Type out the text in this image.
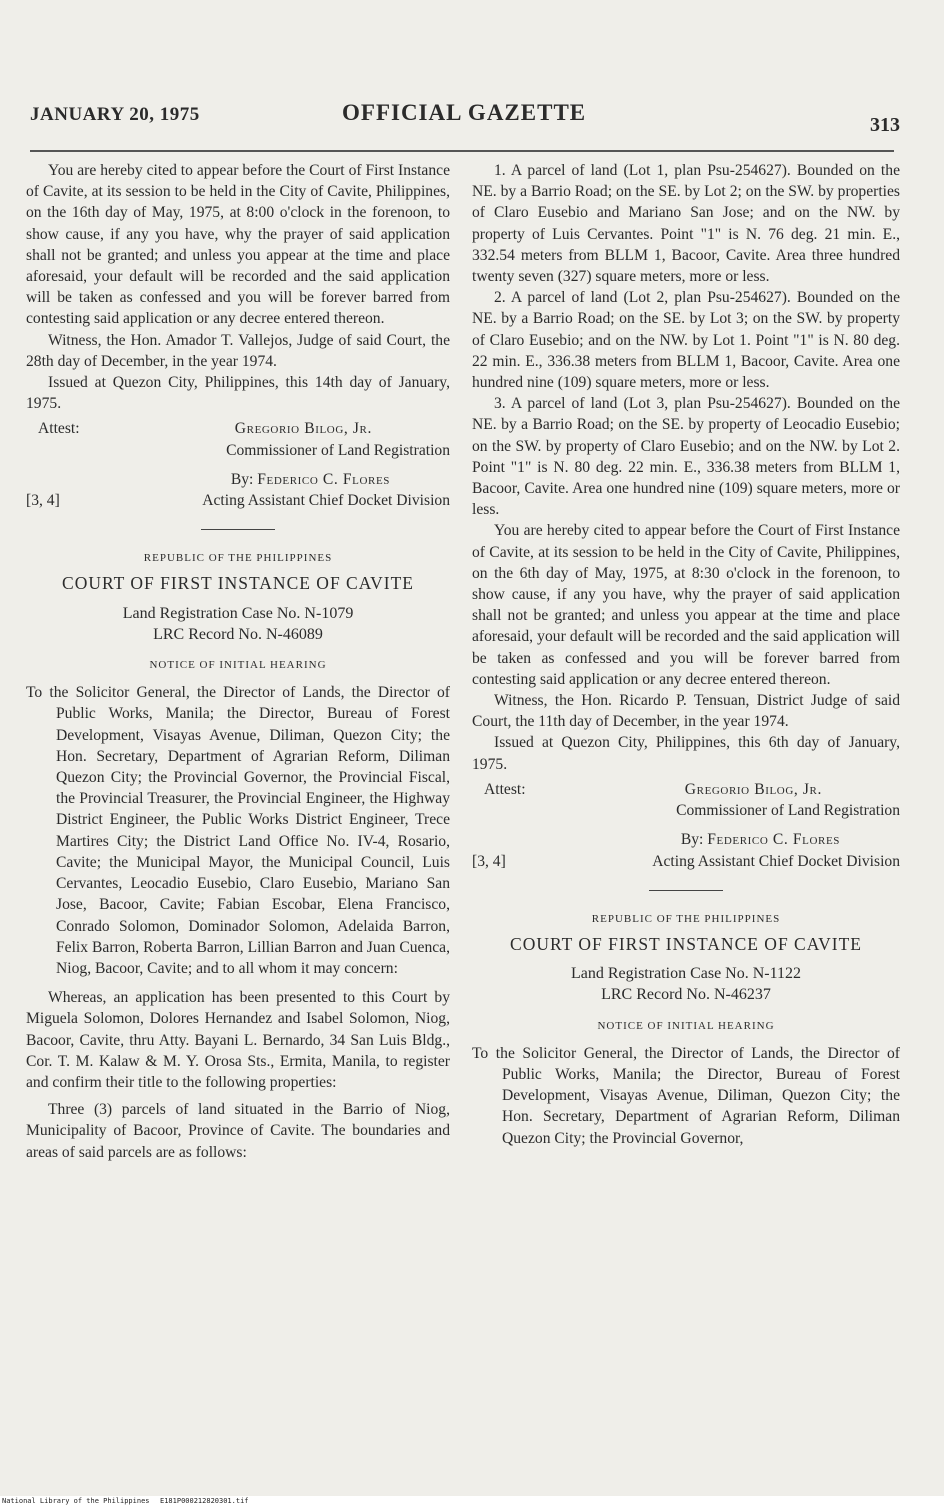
JANUARY 20, 1975	OFFICIAL GAZETTE	313

You are hereby cited to appear before the Court of First Instance of Cavite, at its session to be held in the City of Cavite, Philippines, on the 16th day of May, 1975, at 8:00 o'clock in the forenoon, to show cause, if any you have, why the prayer of said application shall not be granted; and unless you appear at the time and place aforesaid, your default will be recorded and the said application will be taken as confessed and you will be forever barred from contesting said application or any decree entered thereon.

Witness, the Hon. Amador T. Vallejos, Judge of said Court, the 28th day of December, in the year 1974.

Issued at Quezon City, Philippines, this 14th day of January, 1975.

Attest:	Gregorio Bilog, Jr.
Commissioner of Land Registration
By: Federico C. Flores
[3, 4]	Acting Assistant Chief Docket Division
REPUBLIC OF THE PHILIPPINES
COURT OF FIRST INSTANCE OF CAVITE
Land Registration Case No. N-1079
LRC Record No. N-46089
NOTICE OF INITIAL HEARING

To the Solicitor General, the Director of Lands, the Director of Public Works, Manila; the Director, Bureau of Forest Development, Visayas Avenue, Diliman, Quezon City; the Hon. Secretary, Department of Agrarian Reform, Diliman Quezon City; the Provincial Governor, the Provincial Fiscal, the Provincial Treasurer, the Provincial Engineer, the Highway District Engineer, the Public Works District Engineer, Trece Martires City; the District Land Office No. IV-4, Rosario, Cavite; the Municipal Mayor, the Municipal Council, Luis Cervantes, Leocadio Eusebio, Claro Eusebio, Mariano San Jose, Bacoor, Cavite; Fabian Escobar, Elena Francisco, Conrado Solomon, Dominador Solomon, Adelaida Barron, Felix Barron, Roberta Barron, Lillian Barron and Juan Cuenca, Niog, Bacoor, Cavite; and to all whom it may concern:

Whereas, an application has been presented to this Court by Miguela Solomon, Dolores Hernandez and Isabel Solomon, Niog, Bacoor, Cavite, thru Atty. Bayani L. Bernardo, 34 San Luis Bldg., Cor. T. M. Kalaw & M. Y. Orosa Sts., Ermita, Manila, to register and confirm their title to the following properties:

Three (3) parcels of land situated in the Barrio of Niog, Municipality of Bacoor, Province of Cavite. The boundaries and areas of said parcels are as follows:

1. A parcel of land (Lot 1, plan Psu-254627). Bounded on the NE. by a Barrio Road; on the SE. by Lot 2; on the SW. by properties of Claro Eusebio and Mariano San Jose; and on the NW. by property of Luis Cervantes. Point "1" is N. 76 deg. 21 min. E., 332.54 meters from BLLM 1, Bacoor, Cavite. Area three hundred twenty seven (327) square meters, more or less.

2. A parcel of land (Lot 2, plan Psu-254627). Bounded on the NE. by a Barrio Road; on the SE. by Lot 3; on the SW. by property of Claro Eusebio; and on the NW. by Lot 1. Point "1" is N. 80 deg. 22 min. E., 336.38 meters from BLLM 1, Bacoor, Cavite. Area one hundred nine (109) square meters, more or less.

3. A parcel of land (Lot 3, plan Psu-254627). Bounded on the NE. by a Barrio Road; on the SE. by property of Leocadio Eusebio; on the SW. by property of Claro Eusebio; and on the NW. by Lot 2. Point "1" is N. 80 deg. 22 min. E., 336.38 meters from BLLM 1, Bacoor, Cavite. Area one hundred nine (109) square meters, more or less.

You are hereby cited to appear before the Court of First Instance of Cavite, at its session to be held in the City of Cavite, Philippines, on the 6th day of May, 1975, at 8:30 o'clock in the forenoon, to show cause, if any you have, why the prayer of said application shall not be granted; and unless you appear at the time and place aforesaid, your default will be recorded and the said application will be taken as confessed and you will be forever barred from contesting said application or any decree entered thereon.

Witness, the Hon. Ricardo P. Tensuan, District Judge of said Court, the 11th day of December, in the year 1974.

Issued at Quezon City, Philippines, this 6th day of January, 1975.

Attest:	Gregorio Bilog, Jr.
Commissioner of Land Registration
By: Federico C. Flores
[3, 4]	Acting Assistant Chief Docket Division
REPUBLIC OF THE PHILIPPINES
COURT OF FIRST INSTANCE OF CAVITE
Land Registration Case No. N-1122
LRC Record No. N-46237
NOTICE OF INITIAL HEARING

To the Solicitor General, the Director of Lands, the Director of Public Works, Manila; the Director, Bureau of Forest Development, Visayas Avenue, Diliman, Quezon City; the Hon. Secretary, Department of Agrarian Reform, Diliman Quezon City; the Provincial Governor,

National Library of the Philippines E181P000212820301.tif
